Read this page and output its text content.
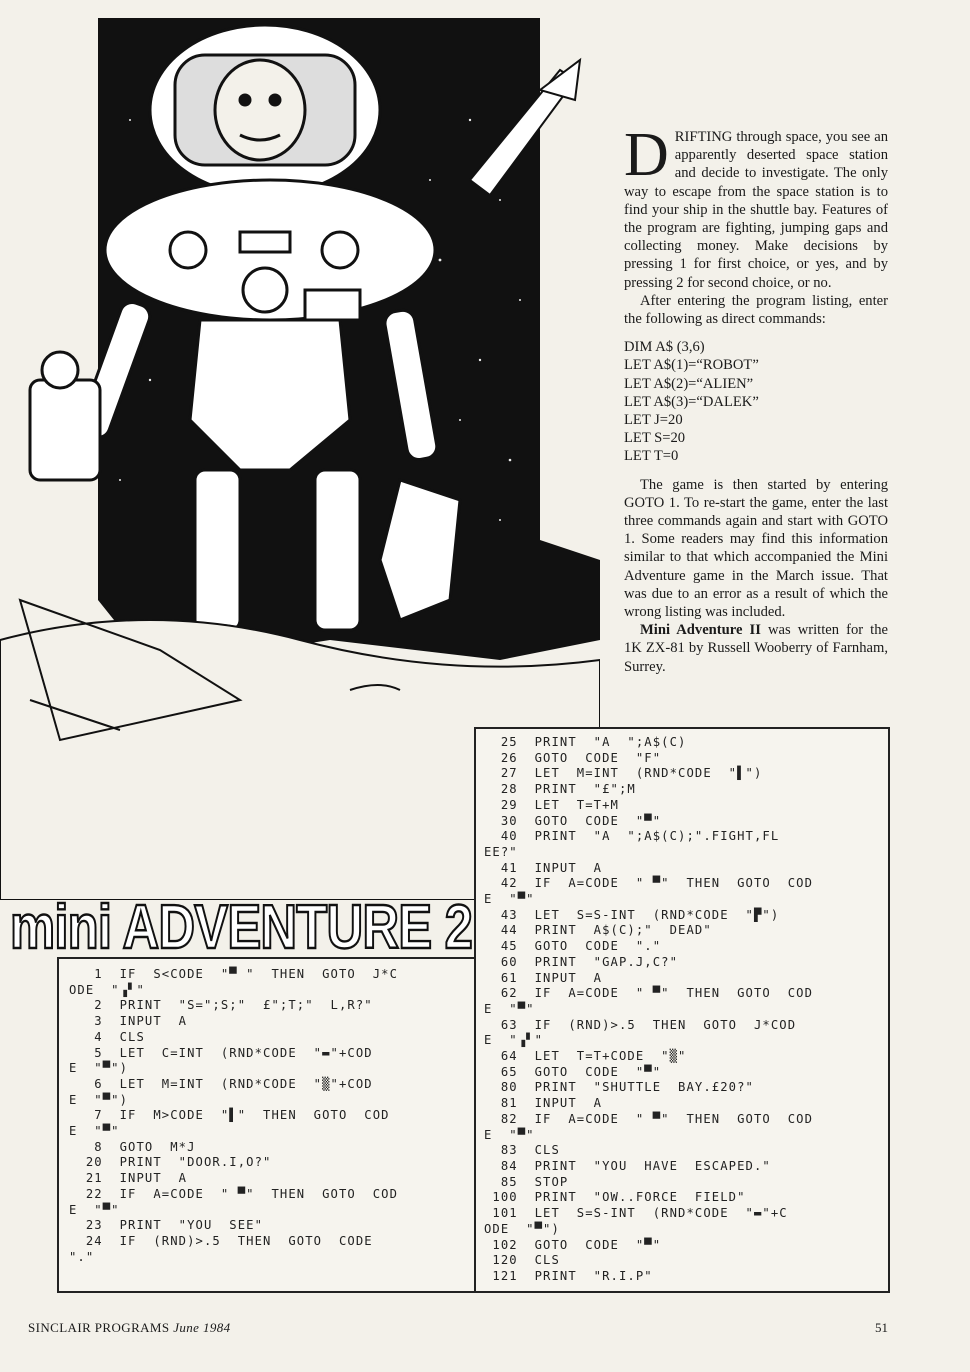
mini ADVENTURE 2

DRIFTING through space, you see an apparently deserted space station and decide to investigate. The only way to escape from the space station is to find your ship in the shuttle bay. Features of the program are fighting, jumping gaps and collecting money. Make decisions by pressing 1 for first choice, or yes, and by pressing 2 for second choice, or no.

After entering the program listing, enter the following as direct commands:

DIM A$ (3,6)
LET A$(1)=“ROBOT”
LET A$(2)=“ALIEN”
LET A$(3)=“DALEK”
LET J=20
LET S=20
LET T=0

The game is then started by entering GOTO 1. To re-start the game, enter the last three commands again and start with GOTO 1. Some readers may find this information similar to that which accompanied the Mini Adventure game in the March issue. That was due to an error as a result of which the wrong listing was included.

Mini Adventure II was written for the 1K ZX-81 by Russell Wooberry of Farnham, Surrey.

1  IF  S<CODE  "▀ "  THEN  GOTO  J*C
ODE  "▗▘"
2  PRINT  "S=";S;"  £";T;"  L,R?"
3  INPUT  A
4  CLS
5  LET  C=INT  (RND*CODE  "▬"+COD
E  "▀")
6  LET  M=INT  (RND*CODE  "▒"+COD
E  "▀")
7  IF  M>CODE  "▌"  THEN  GOTO  COD
E  "▀"
8  GOTO  M*J
20  PRINT  "DOOR.I,O?"
21  INPUT  A
22  IF  A=CODE  " ▀"  THEN  GOTO  COD
E  "▀"
23  PRINT  "YOU  SEE"
24  IF  (RND)>.5  THEN  GOTO  CODE
"."
25  PRINT  "A  ";A$(C)
26  GOTO  CODE  "F"
27  LET  M=INT  (RND*CODE  "▌")
28  PRINT  "£";M
29  LET  T=T+M
30  GOTO  CODE  "▀"
40  PRINT  "A  ";A$(C);".FIGHT,FL
EE?"
41  INPUT  A
42  IF  A=CODE  " ▀"  THEN  GOTO  COD
E  "▀"
43  LET  S=S-INT  (RND*CODE  "▛")
44  PRINT  A$(C);"  DEAD"
45  GOTO  CODE  "."
60  PRINT  "GAP.J,C?"
61  INPUT  A
62  IF  A=CODE  " ▀"  THEN  GOTO  COD
E  "▀"
63  IF  (RND)>.5  THEN  GOTO  J*COD
E  "▗▘"
64  LET  T=T+CODE  "▒"
65  GOTO  CODE  "▀"
80  PRINT  "SHUTTLE  BAY.£20?"
81  INPUT  A
82  IF  A=CODE  " ▀"  THEN  GOTO  COD
E  "▀"
83  CLS
84  PRINT  "YOU  HAVE  ESCAPED."
85  STOP
100  PRINT  "OW..FORCE  FIELD"
101  LET  S=S-INT  (RND*CODE  "▬"+C
ODE  "▀")
102  GOTO  CODE  "▀"
120  CLS
121  PRINT  "R.I.P"
SINCLAIR PROGRAMS June 1984	51
